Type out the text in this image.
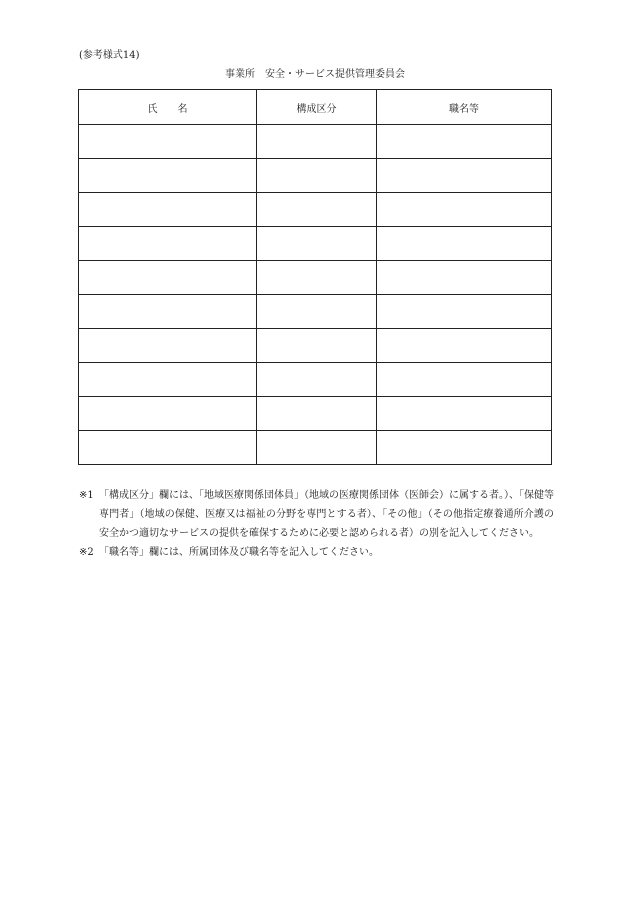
(参考様式14)
事業所　安全・サービス提供管理委員会
氏　　名	構成区分	職名等

※1 「構成区分」欄には、「地域医療関係団体員」（地域の医療関係団体（医師会）に属する者。）、「保健等専門者」（地域の保健、医療又は福祉の分野を専門とする者）、「その他」（その他指定療養通所介護の安全かつ適切なサービスの提供を確保するために必要と認められる者）の別を記入してください。

※2 「職名等」欄には、所属団体及び職名等を記入してください。
